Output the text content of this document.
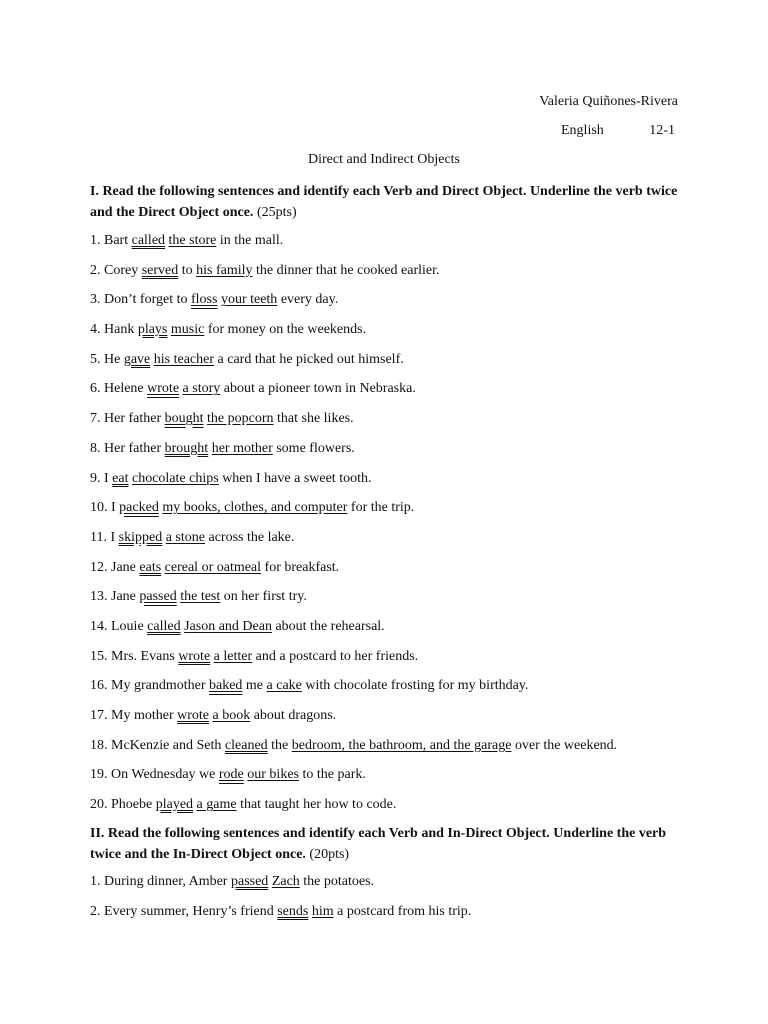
Valeria Quiñones-Rivera
English	12-1
Direct and Indirect Objects
I. Read the following sentences and identify each Verb and Direct Object. Underline the verb twice and the Direct Object once. (25pts)
1. Bart called the store in the mall.
2. Corey served to his family the dinner that he cooked earlier.
3. Don’t forget to floss your teeth every day.
4. Hank plays music for money on the weekends.
5. He gave his teacher a card that he picked out himself.
6. Helene wrote a story about a pioneer town in Nebraska.
7. Her father bought the popcorn that she likes.
8. Her father brought her mother some flowers.
9. I eat chocolate chips when I have a sweet tooth.
10. I packed my books, clothes, and computer for the trip.
11. I skipped a stone across the lake.
12. Jane eats cereal or oatmeal for breakfast.
13. Jane passed the test on her first try.
14. Louie called Jason and Dean about the rehearsal.
15. Mrs. Evans wrote a letter and a postcard to her friends.
16. My grandmother baked me a cake with chocolate frosting for my birthday.
17. My mother wrote a book about dragons.
18. McKenzie and Seth cleaned the bedroom, the bathroom, and the garage over the weekend.
19. On Wednesday we rode our bikes to the park.
20. Phoebe played a game that taught her how to code.
II. Read the following sentences and identify each Verb and In-Direct Object. Underline the verb twice and the In-Direct Object once. (20pts)
1. During dinner, Amber passed Zach the potatoes.
2. Every summer, Henry’s friend sends him a postcard from his trip.
